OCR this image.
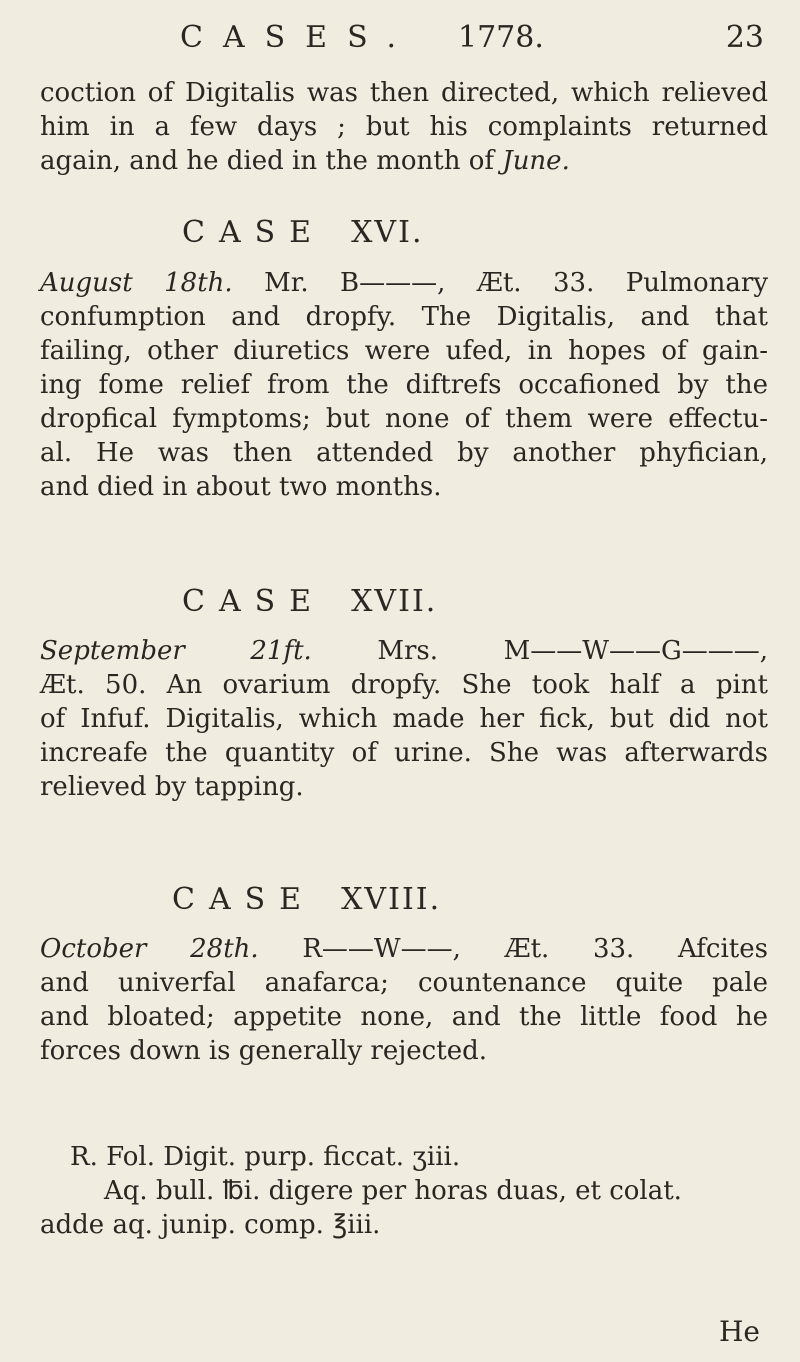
CASES. 1778.	23
coction of Digitalis was then directed, which relieved
him in a few days ; but his complaints returned
again, and he died in the month of June.
CASE XVI.
August 18th. Mr. B———, Æt. 33. Pulmonary
confumption and dropfy. The Digitalis, and that
failing, other diuretics were ufed, in hopes of gain-
ing fome relief from the diftrefs occafioned by the
dropfical fymptoms; but none of them were effectu-
al. He was then attended by another phyfician,
and died in about two months.
CASE XVII.
September 21ft.	Mrs. M——W——G———,
Æt. 50. An ovarium dropfy. She took half a pint
of Infuf. Digitalis, which made her fick, but did not
increafe the quantity of urine. She was afterwards
relieved by tapping.
CASE XVIII.
October 28th. R——W——, Æt. 33. Afcites
and univerfal anafarca; countenance quite pale
and bloated; appetite none, and the little food he
forces down is generally rejected.
R. Fol. Digit. purp. ficcat. ʒiii.
Aq. bull. ℔i. digere per horas duas, et colat.
adde aq. junip. comp. ℥iii.
He
